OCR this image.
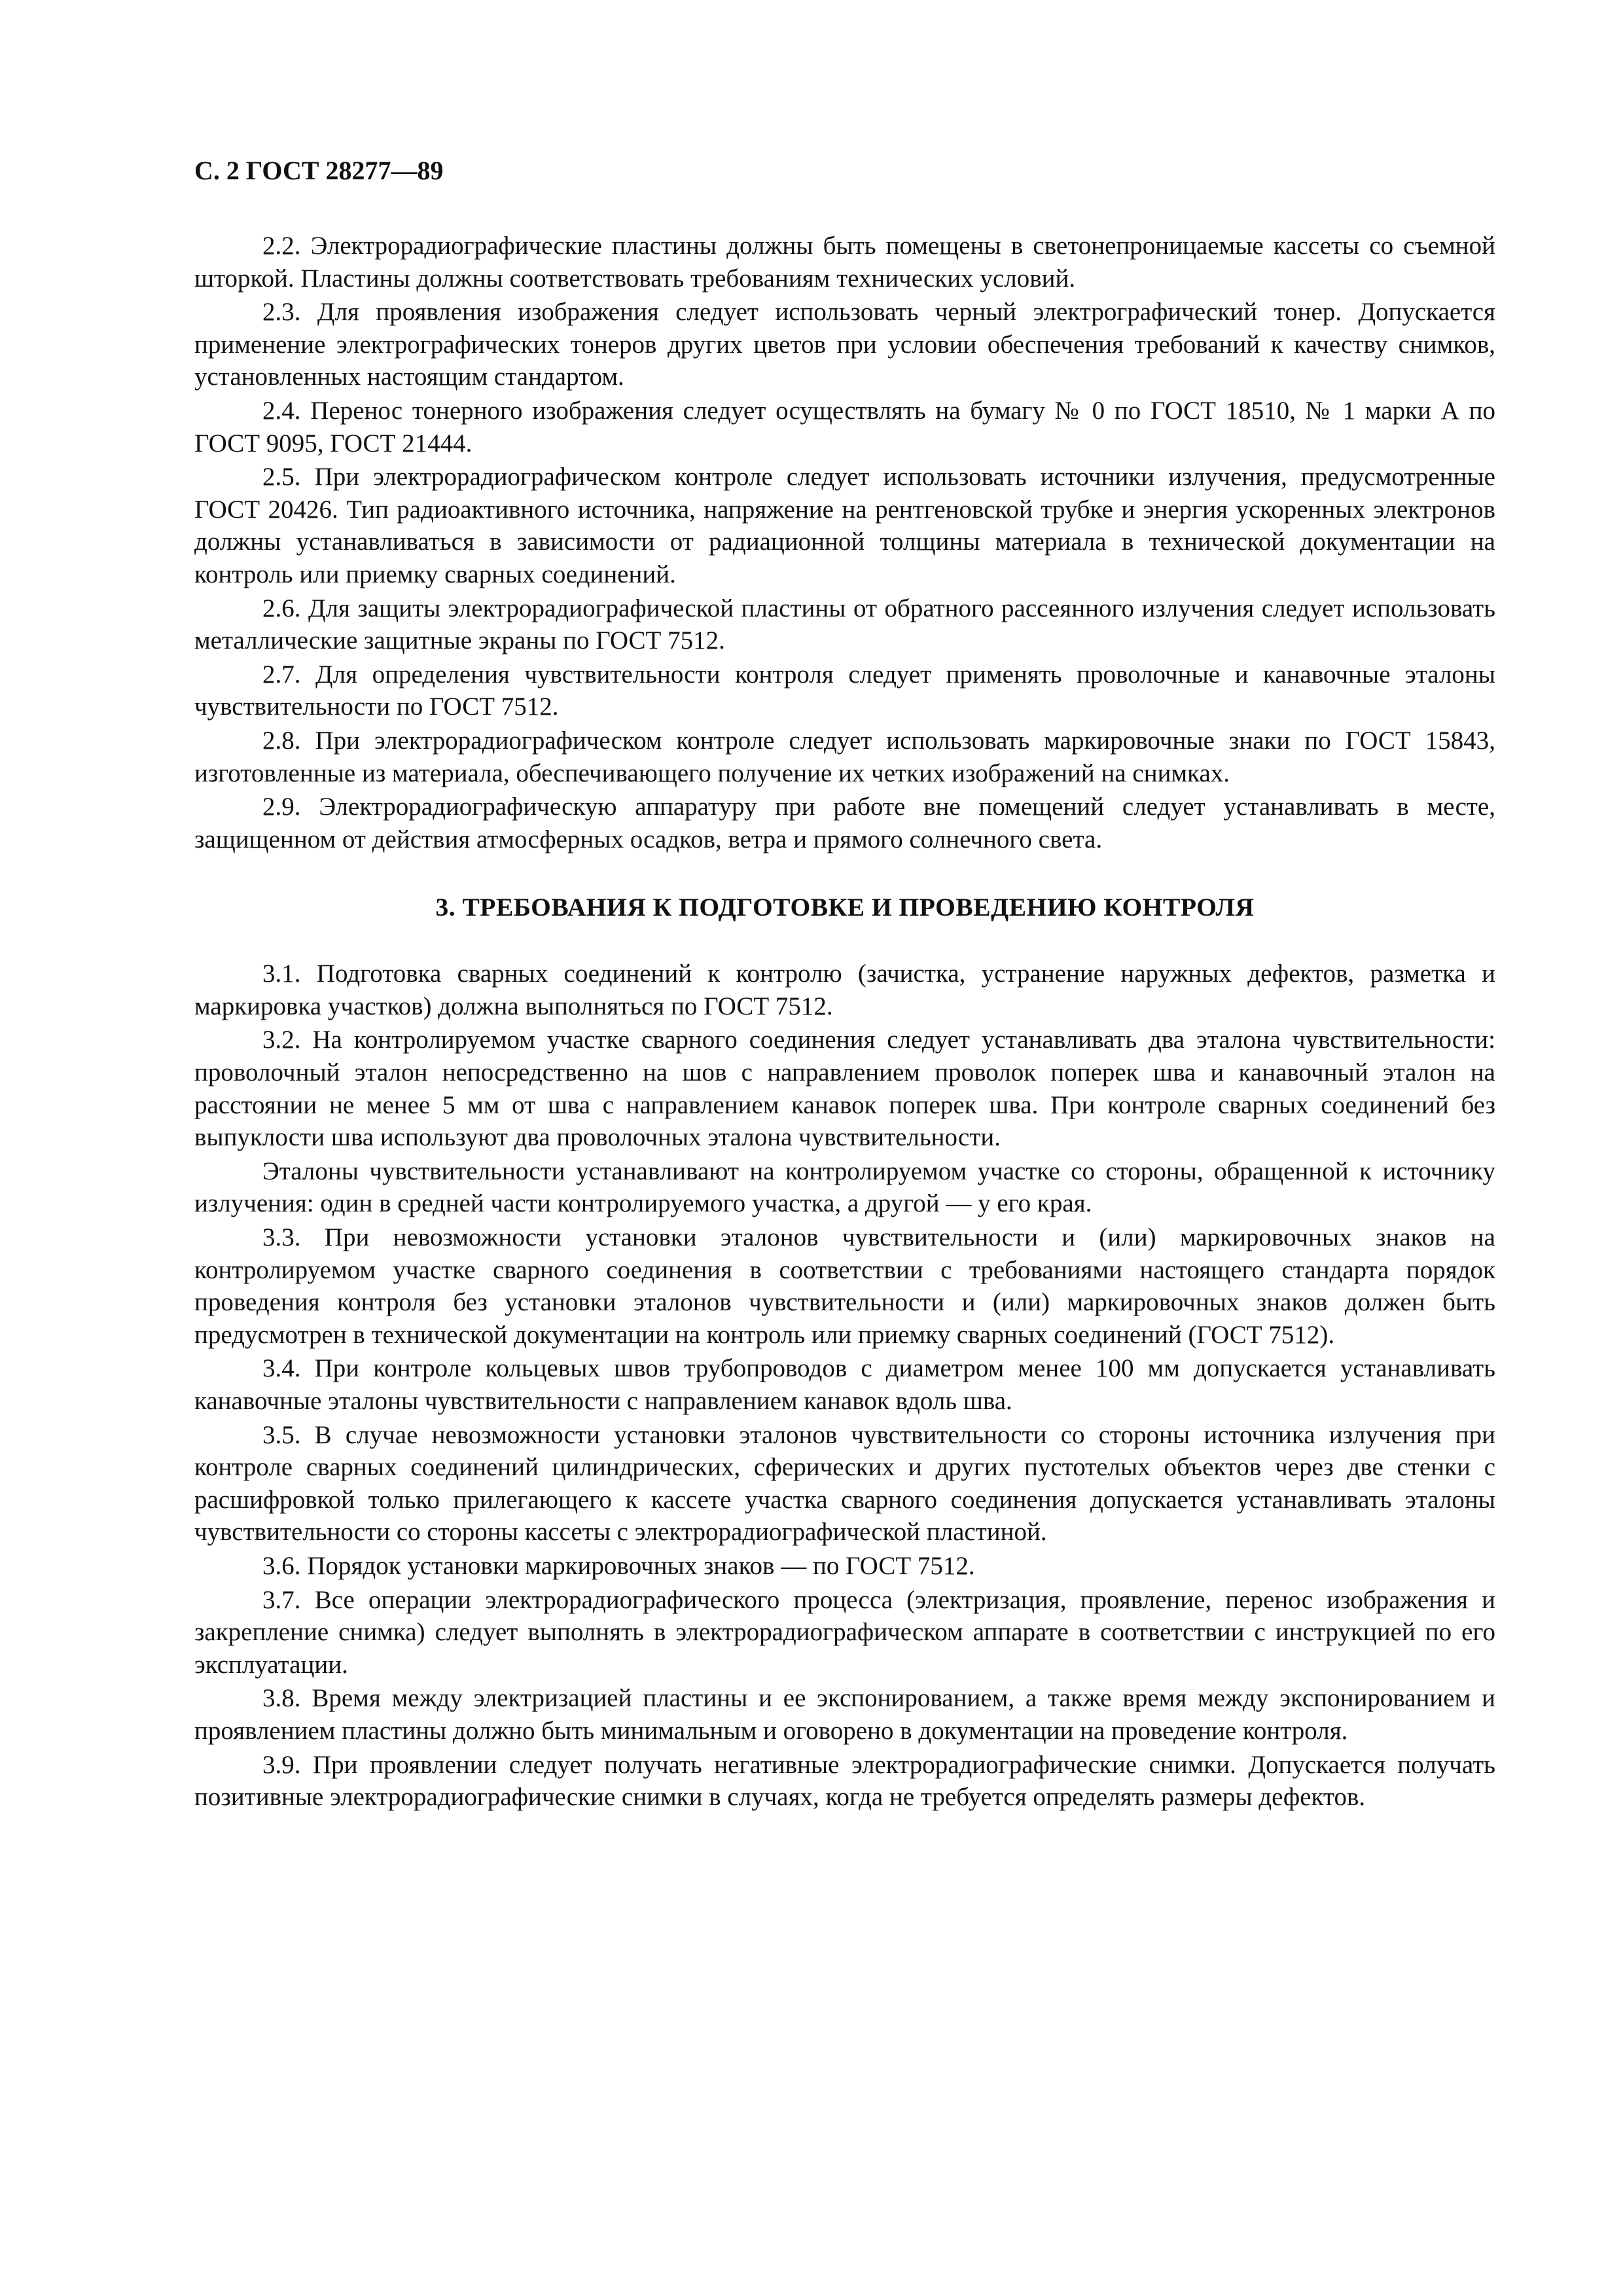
С. 2 ГОСТ 28277—89

2.2. Электрорадиографические пластины должны быть помещены в светонепроницаемые кассеты со съемной шторкой. Пластины должны соответствовать требованиям технических условий.

2.3. Для проявления изображения следует использовать черный электрографический тонер. Допускается применение электрографических тонеров других цветов при условии обеспечения требований к качеству снимков, установленных настоящим стандартом.

2.4. Перенос тонерного изображения следует осуществлять на бумагу № 0 по ГОСТ 18510, № 1 марки А по ГОСТ 9095, ГОСТ 21444.

2.5. При электрорадиографическом контроле следует использовать источники излучения, предусмотренные ГОСТ 20426. Тип радиоактивного источника, напряжение на рентгеновской трубке и энергия ускоренных электронов должны устанавливаться в зависимости от радиационной толщины материала в технической документации на контроль или приемку сварных соединений.

2.6. Для защиты электрорадиографической пластины от обратного рассеянного излучения следует использовать металлические защитные экраны по ГОСТ 7512.

2.7. Для определения чувствительности контроля следует применять проволочные и канавочные эталоны чувствительности по ГОСТ 7512.

2.8. При электрорадиографическом контроле следует использовать маркировочные знаки по ГОСТ 15843, изготовленные из материала, обеспечивающего получение их четких изображений на снимках.

2.9. Электрорадиографическую аппаратуру при работе вне помещений следует устанавливать в месте, защищенном от действия атмосферных осадков, ветра и прямого солнечного света.

3. ТРЕБОВАНИЯ К ПОДГОТОВКЕ И ПРОВЕДЕНИЮ КОНТРОЛЯ

3.1. Подготовка сварных соединений к контролю (зачистка, устранение наружных дефектов, разметка и маркировка участков) должна выполняться по ГОСТ 7512.

3.2. На контролируемом участке сварного соединения следует устанавливать два эталона чувствительности: проволочный эталон непосредственно на шов с направлением проволок поперек шва и канавочный эталон на расстоянии не менее 5 мм от шва с направлением канавок поперек шва. При контроле сварных соединений без выпуклости шва используют два проволочных эталона чувствительности.

Эталоны чувствительности устанавливают на контролируемом участке со стороны, обращенной к источнику излучения: один в средней части контролируемого участка, а другой — у его края.

3.3. При невозможности установки эталонов чувствительности и (или) маркировочных знаков на контролируемом участке сварного соединения в соответствии с требованиями настоящего стандарта порядок проведения контроля без установки эталонов чувствительности и (или) маркировочных знаков должен быть предусмотрен в технической документации на контроль или приемку сварных соединений (ГОСТ 7512).

3.4. При контроле кольцевых швов трубопроводов с диаметром менее 100 мм допускается устанавливать канавочные эталоны чувствительности с направлением канавок вдоль шва.

3.5. В случае невозможности установки эталонов чувствительности со стороны источника излучения при контроле сварных соединений цилиндрических, сферических и других пустотелых объектов через две стенки с расшифровкой только прилегающего к кассете участка сварного соединения допускается устанавливать эталоны чувствительности со стороны кассеты с электрорадиографической пластиной.

3.6. Порядок установки маркировочных знаков — по ГОСТ 7512.

3.7. Все операции электрорадиографического процесса (электризация, проявление, перенос изображения и закрепление снимка) следует выполнять в электрорадиографическом аппарате в соответствии с инструкцией по его эксплуатации.

3.8. Время между электризацией пластины и ее экспонированием, а также время между экспонированием и проявлением пластины должно быть минимальным и оговорено в документации на проведение контроля.

3.9. При проявлении следует получать негативные электрорадиографические снимки. Допускается получать позитивные электрорадиографические снимки в случаях, когда не требуется определять размеры дефектов.
